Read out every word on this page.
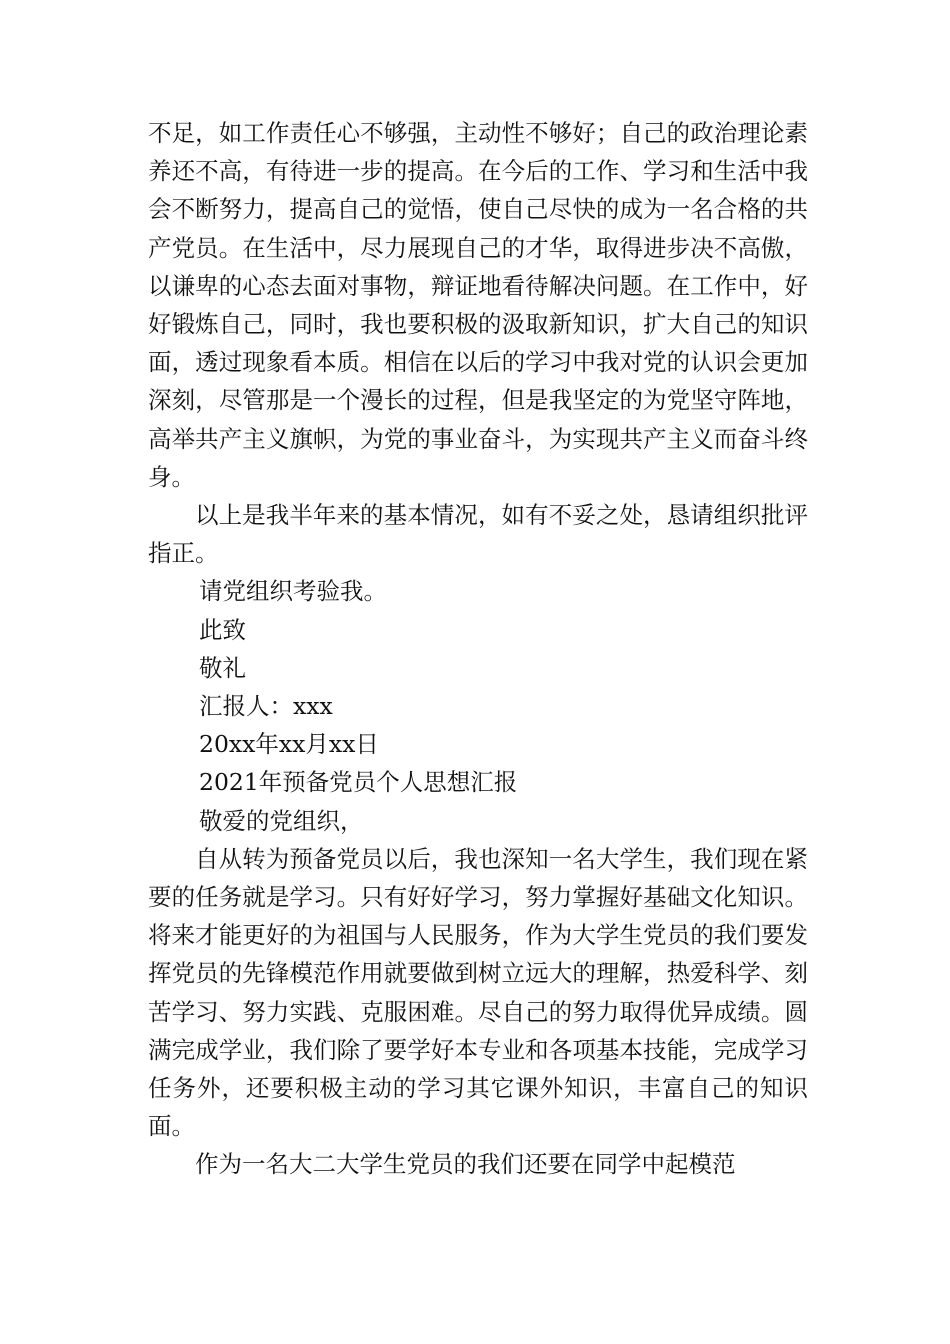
不足，如工作责任心不够强，主动性不够好；自己的政治理论素养还不高，有待进一步的提高。在今后的工作、学习和生活中我会不断努力，提高自己的觉悟，使自己尽快的成为一名合格的共产党员。在生活中，尽力展现自己的才华，取得进步决不高傲，以谦卑的心态去面对事物，辩证地看待解决问题。在工作中，好好锻炼自己，同时，我也要积极的汲取新知识，扩大自己的知识面，透过现象看本质。相信在以后的学习中我对党的认识会更加深刻，尽管那是一个漫长的过程，但是我坚定的为党坚守阵地，高举共产主义旗帜，为党的事业奋斗，为实现共产主义而奋斗终身。

以上是我半年来的基本情况，如有不妥之处，恳请组织批评指正。

请党组织考验我。

此致

敬礼

汇报人：xxx

20xx年xx月xx日

2021年预备党员个人思想汇报

敬爱的党组织，

自从转为预备党员以后，我也深知一名大学生，我们现在紧要的任务就是学习。只有好好学习，努力掌握好基础文化知识。将来才能更好的为祖国与人民服务，作为大学生党员的我们要发挥党员的先锋模范作用就要做到树立远大的理解，热爱科学、刻苦学习、努力实践、克服困难。尽自己的努力取得优异成绩。圆满完成学业，我们除了要学好本专业和各项基本技能，完成学习任务外，还要积极主动的学习其它课外知识，丰富自己的知识面。

作为一名大二大学生党员的我们还要在同学中起模范
